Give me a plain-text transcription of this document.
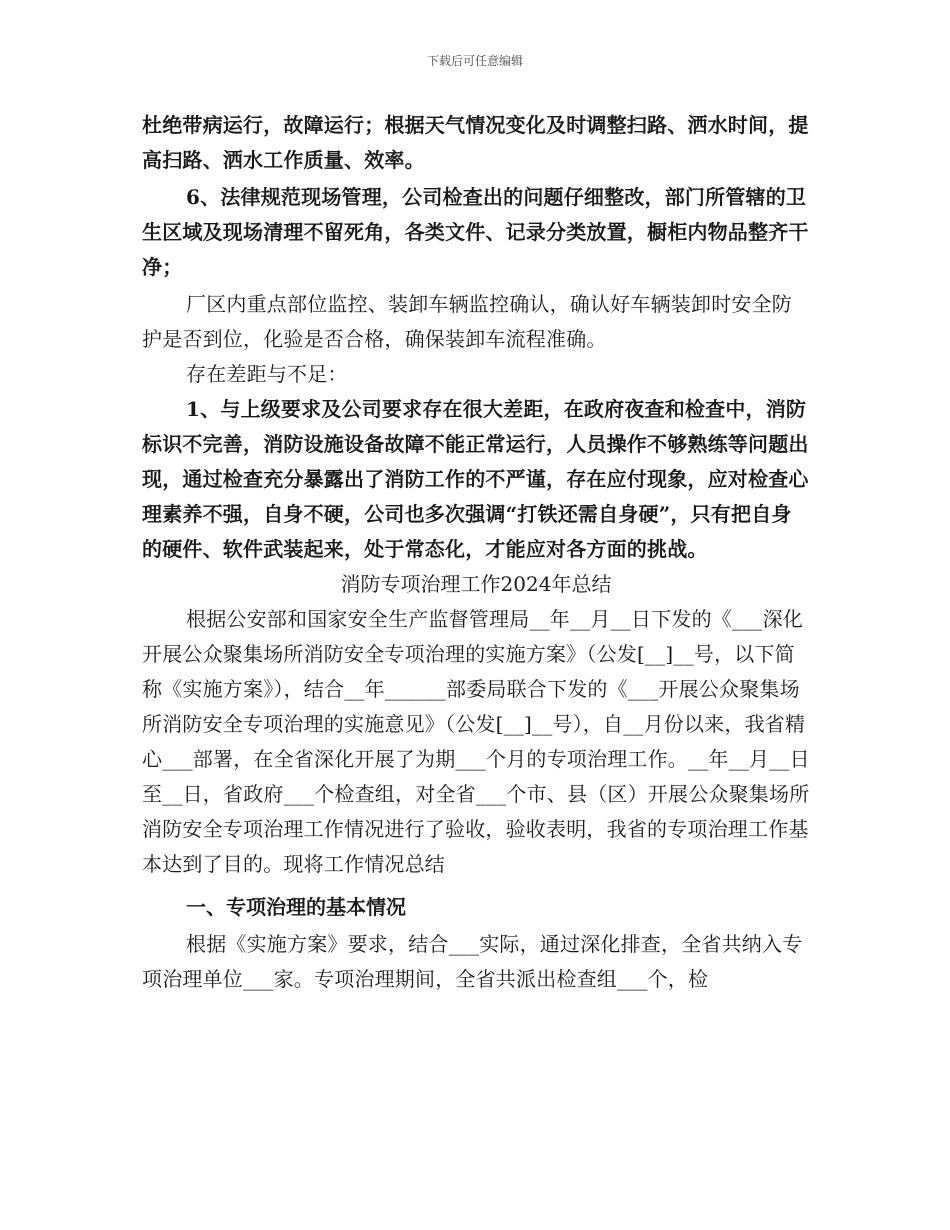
下载后可任意编辑

杜绝带病运行，故障运行；根据天气情况变化及时调整扫路、洒水时间，提高扫路、洒水工作质量、效率。

6、法律规范现场管理，公司检查出的问题仔细整改，部门所管辖的卫生区域及现场清理不留死角，各类文件、记录分类放置，橱柜内物品整齐干净；

厂区内重点部位监控、装卸车辆监控确认，确认好车辆装卸时安全防护是否到位，化验是否合格，确保装卸车流程准确。

存在差距与不足：

1、与上级要求及公司要求存在很大差距，在政府夜查和检查中，消防标识不完善，消防设施设备故障不能正常运行，人员操作不够熟练等问题出现，通过检查充分暴露出了消防工作的不严谨，存在应付现象，应对检查心理素养不强，自身不硬，公司也多次强调“打铁还需自身硬”，只有把自身的硬件、软件武装起来，处于常态化，才能应对各方面的挑战。

消防专项治理工作2024年总结

根据公安部和国家安全生产监督管理局__年__月__日下发的《___深化开展公众聚集场所消防安全专项治理的实施方案》（公发[__]__号，以下简称《实施方案》），结合__年______部委局联合下发的《___开展公众聚集场所消防安全专项治理的实施意见》（公发[__]__号），自__月份以来，我省精心___部署，在全省深化开展了为期___个月的专项治理工作。__年__月__日至__日，省政府___个检查组，对全省___个市、县（区）开展公众聚集场所消防安全专项治理工作情况进行了验收，验收表明，我省的专项治理工作基本达到了目的。现将工作情况总结

一、专项治理的基本情况

根据《实施方案》要求，结合___实际，通过深化排查，全省共纳入专项治理单位___家。专项治理期间，全省共派出检查组___个，检
